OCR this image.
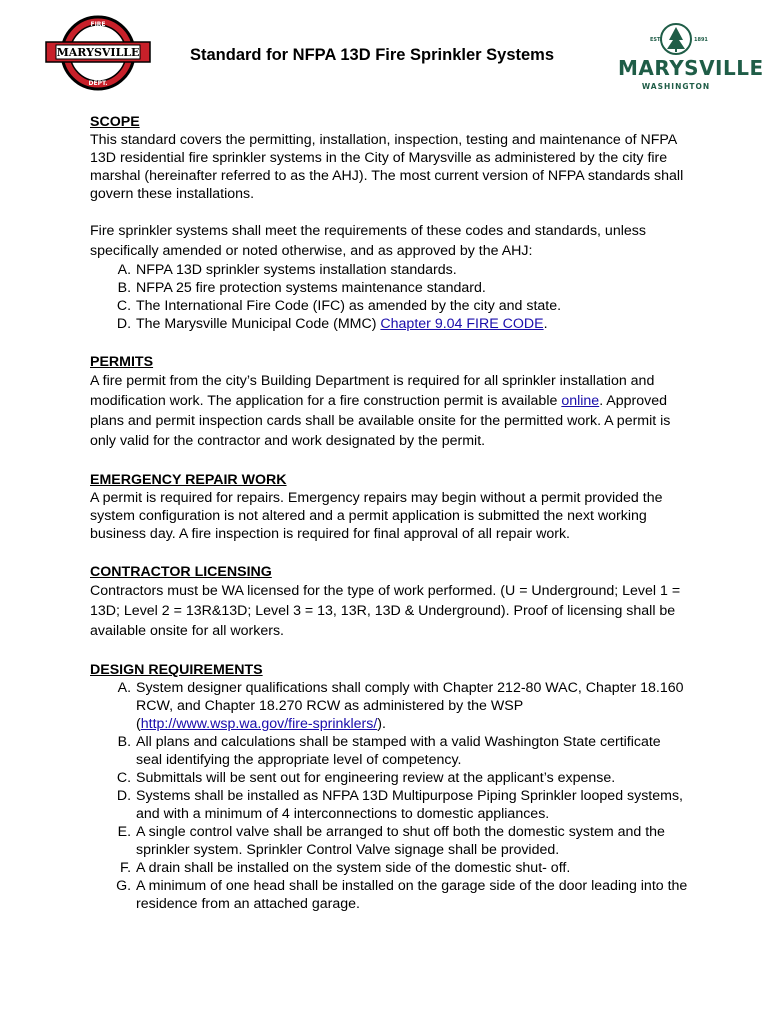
FIRE
MARYSVILLE
DEPT.
Standard for NFPA 13D Fire Sprinkler Systems
EST.	1891
MARYSVILLE
WASHINGTON
SCOPE

This standard covers the permitting, installation, inspection, testing and maintenance of NFPA 13D residential fire sprinkler systems in the City of Marysville as administered by the city fire marshal (hereinafter referred to as the AHJ). The most current version of NFPA standards shall govern these installations.

Fire sprinkler systems shall meet the requirements of these codes and standards, unless specifically amended or noted otherwise, and as approved by the AHJ:

A. NFPA 13D sprinkler systems installation standards.
B. NFPA 25 fire protection systems maintenance standard.
C. The International Fire Code (IFC) as amended by the city and state.
D. The Marysville Municipal Code (MMC) Chapter 9.04 FIRE CODE.
PERMITS

A fire permit from the city’s Building Department is required for all sprinkler installation and modification work. The application for a fire construction permit is available online. Approved plans and permit inspection cards shall be available onsite for the permitted work. A permit is only valid for the contractor and work designated by the permit.

EMERGENCY REPAIR WORK

A permit is required for repairs. Emergency repairs may begin without a permit provided the system configuration is not altered and a permit application is submitted the next working business day. A fire inspection is required for final approval of all repair work.

CONTRACTOR LICENSING

Contractors must be WA licensed for the type of work performed. (U = Underground; Level 1 = 13D; Level 2 = 13R&13D; Level 3 = 13, 13R, 13D & Underground). Proof of licensing shall be available onsite for all workers.

DESIGN REQUIREMENTS
A. System designer qualifications shall comply with Chapter 212-80 WAC, Chapter 18.160 RCW, and Chapter 18.270 RCW as administered by the WSP (http://www.wsp.wa.gov/fire-sprinklers/).
B. All plans and calculations shall be stamped with a valid Washington State certificate seal identifying the appropriate level of competency.
C. Submittals will be sent out for engineering review at the applicant’s expense.
D. Systems shall be installed as NFPA 13D Multipurpose Piping Sprinkler looped systems, and with a minimum of 4 interconnections to domestic appliances.
E. A single control valve shall be arranged to shut off both the domestic system and the sprinkler system. Sprinkler Control Valve signage shall be provided.
F. A drain shall be installed on the system side of the domestic shut- off.
G. A minimum of one head shall be installed on the garage side of the door leading into the residence from an attached garage.
